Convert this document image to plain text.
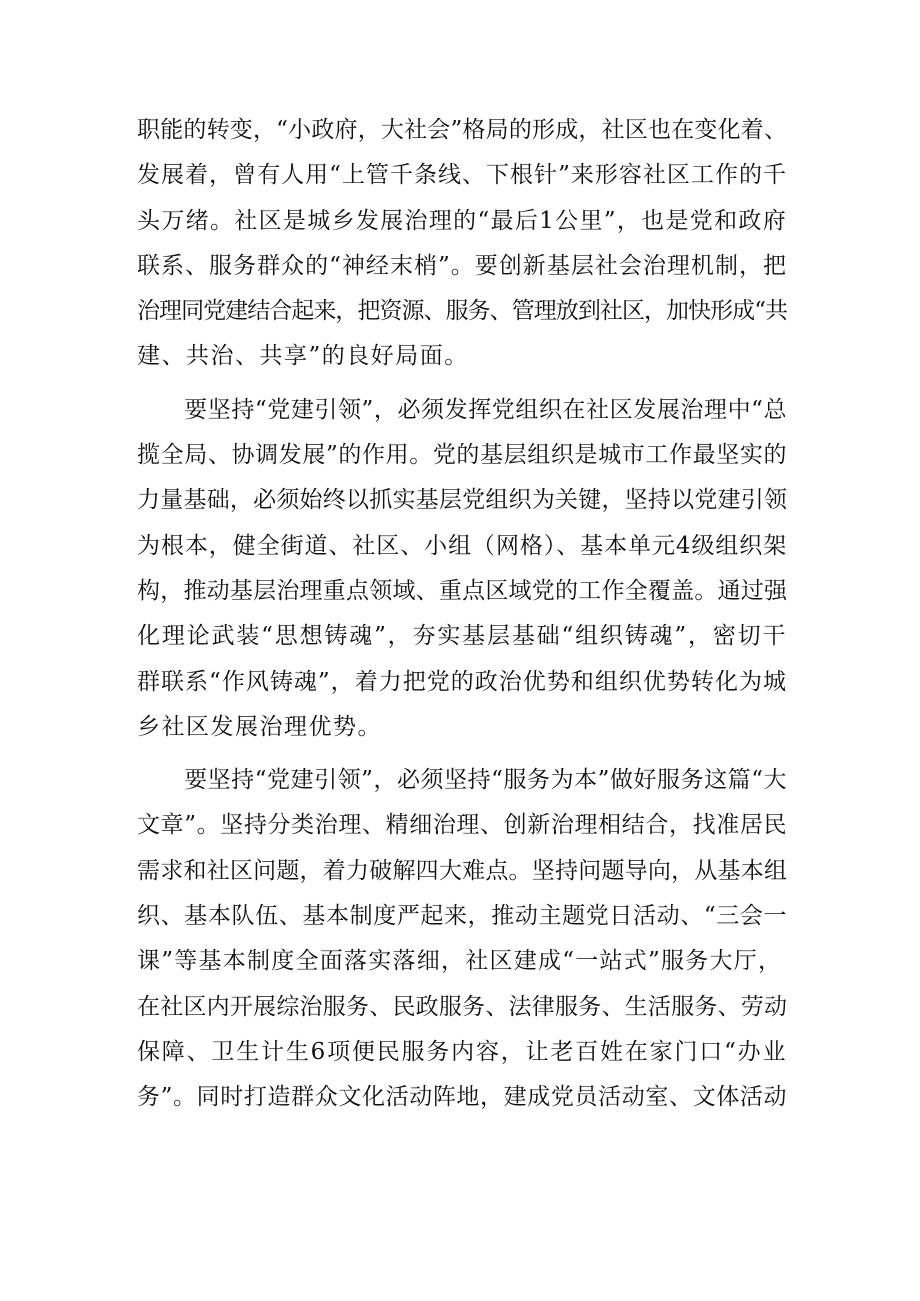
职能的转变，“小政府，大社会”格局的形成，社区也在变化着、
发展着，曾有人用“上管千条线、下根针”来形容社区工作的千
头万绪。社区是城乡发展治理的“最后1公里”，也是党和政府
联系、服务群众的“神经末梢”。要创新基层社会治理机制，把
治理同党建结合起来，把资源、服务、管理放到社区，加快形成“共
建、共治、共享”的良好局面。
　　要坚持“党建引领”，必须发挥党组织在社区发展治理中“总
揽全局、协调发展”的作用。党的基层组织是城市工作最坚实的
力量基础，必须始终以抓实基层党组织为关键，坚持以党建引领
为根本，健全街道、社区、小组（网格）、基本单元4级组织架
构，推动基层治理重点领域、重点区域党的工作全覆盖。通过强
化理论武装“思想铸魂”，夯实基层基础“组织铸魂”，密切干
群联系“作风铸魂”，着力把党的政治优势和组织优势转化为城
乡社区发展治理优势。
　　要坚持“党建引领”，必须坚持“服务为本”做好服务这篇“大
文章”。坚持分类治理、精细治理、创新治理相结合，找准居民
需求和社区问题，着力破解四大难点。坚持问题导向，从基本组
织、基本队伍、基本制度严起来，推动主题党日活动、“三会一
课”等基本制度全面落实落细，社区建成“一站式”服务大厅，
在社区内开展综治服务、民政服务、法律服务、生活服务、劳动
保障、卫生计生6项便民服务内容，让老百姓在家门口“办业
务”。同时打造群众文化活动阵地，建成党员活动室、文体活动
